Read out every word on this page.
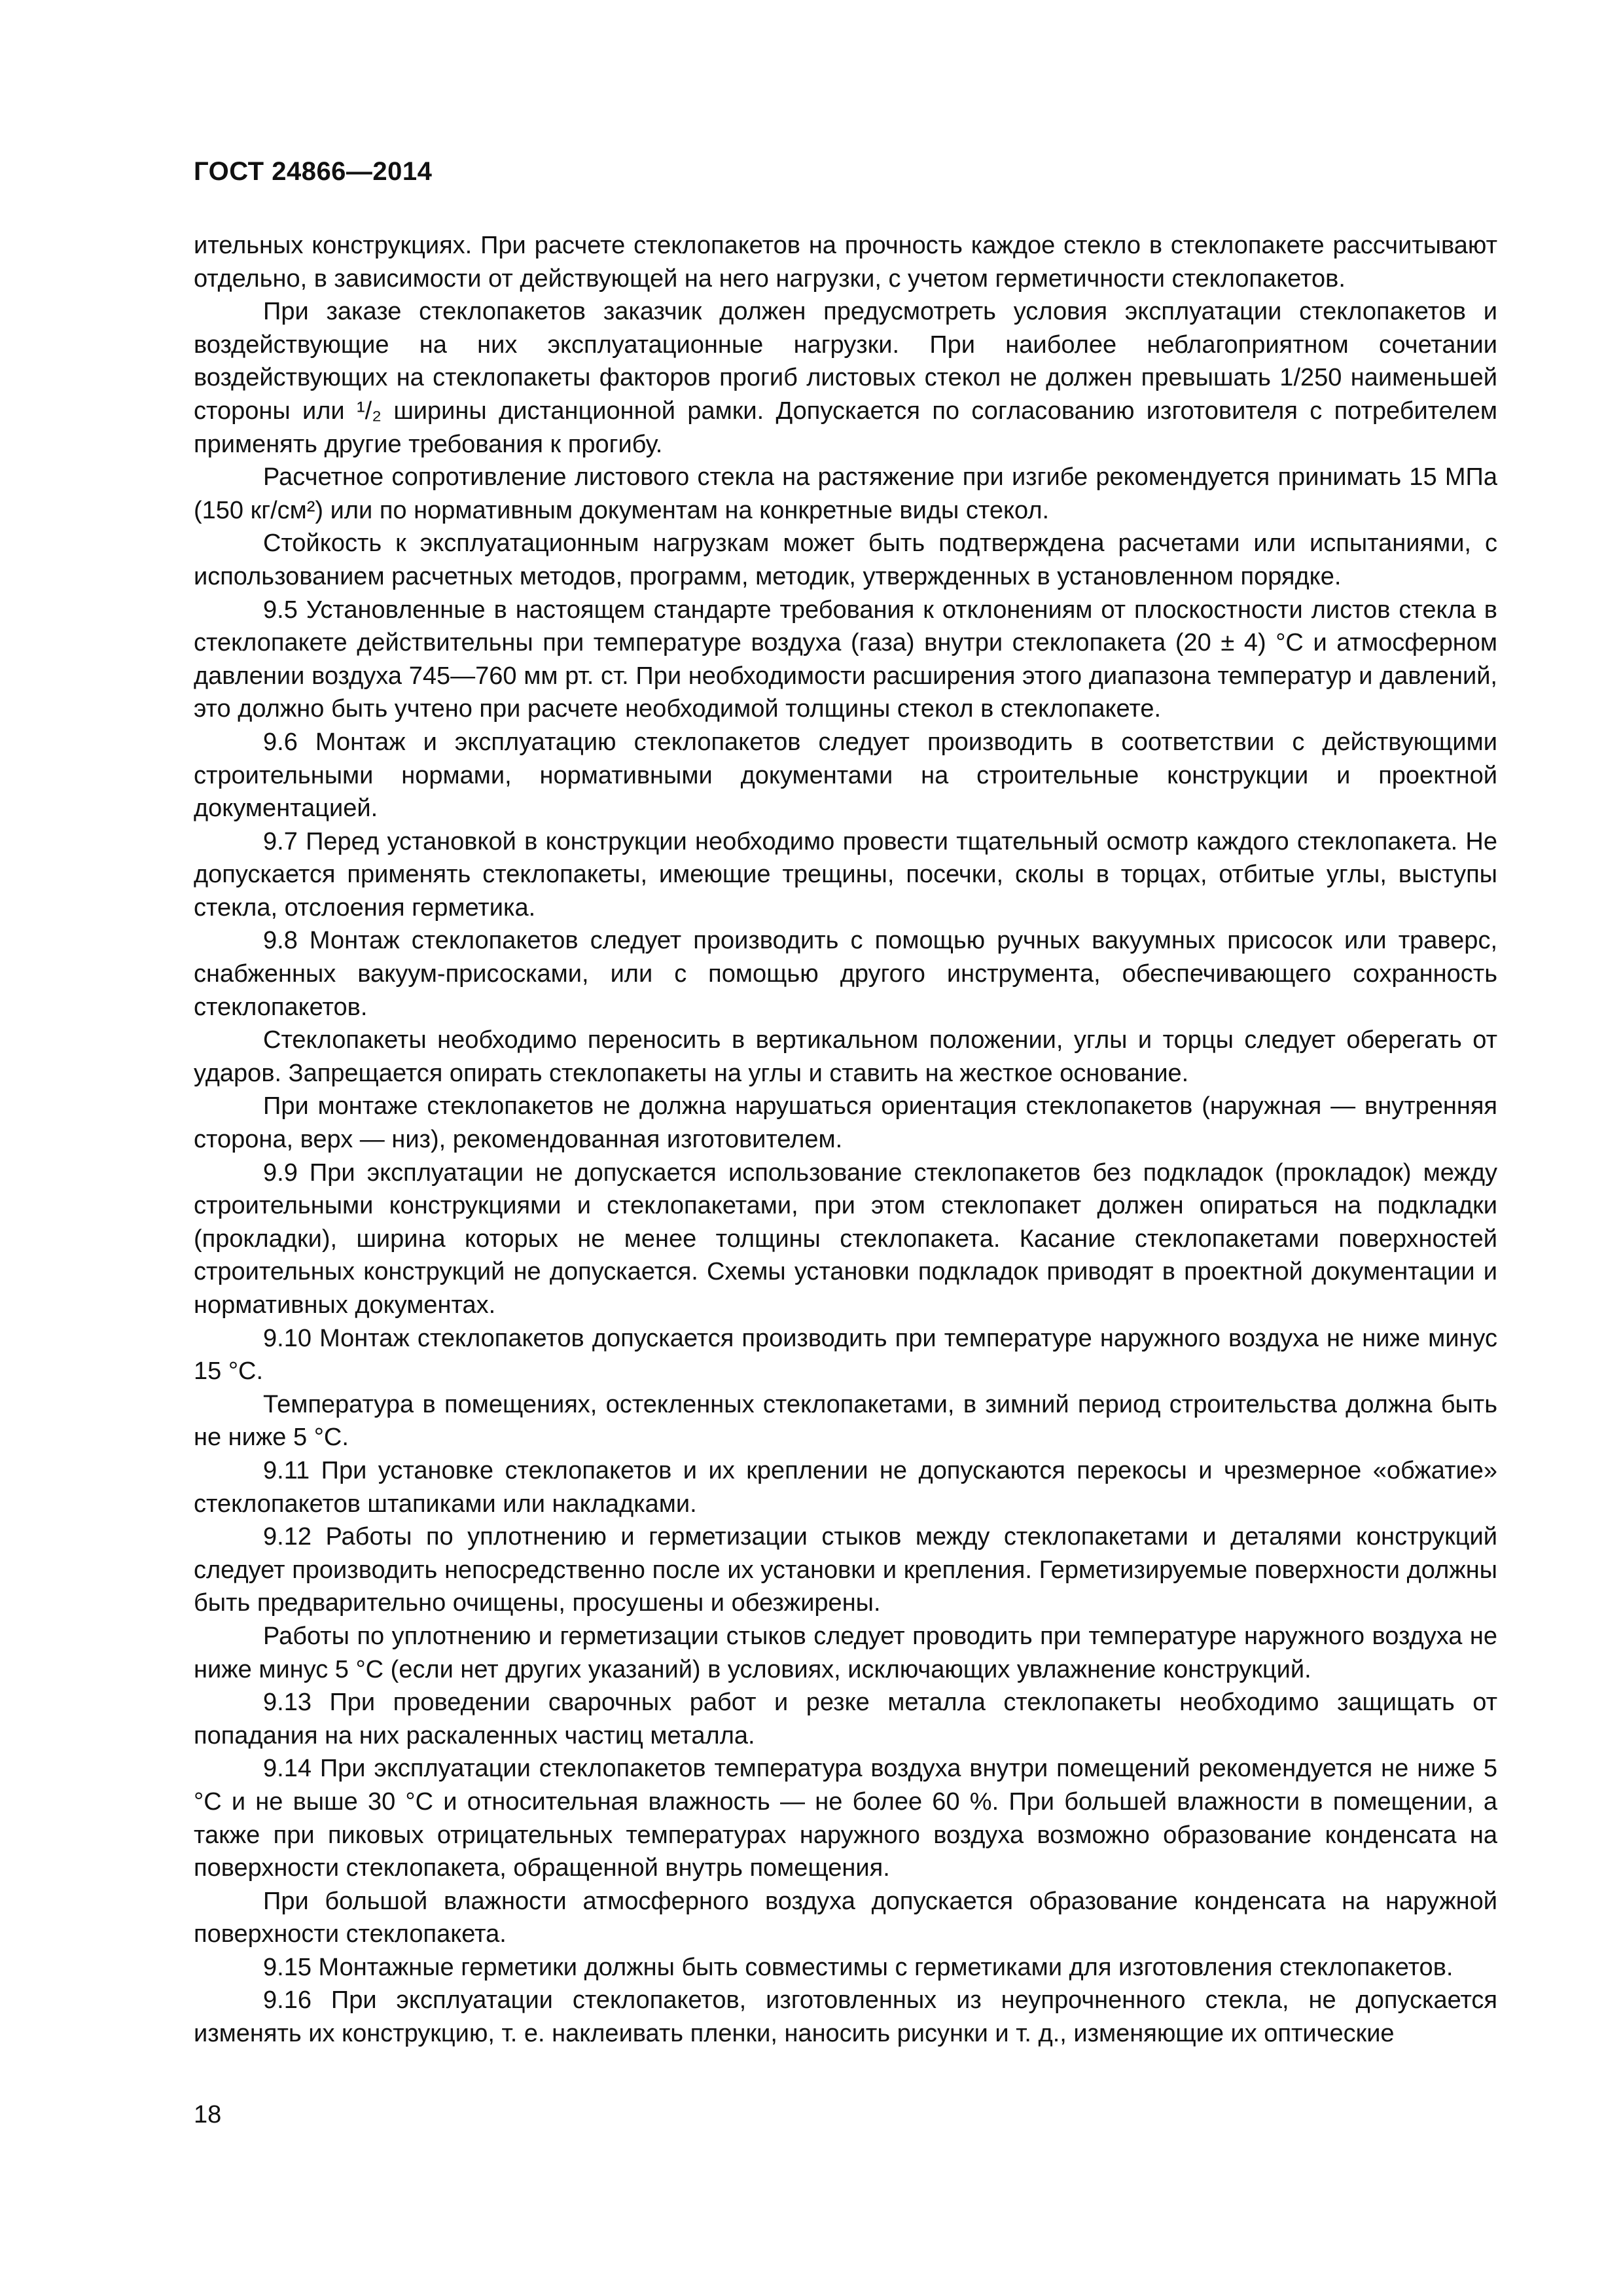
ГОСТ 24866—2014

ительных конструкциях. При расчете стеклопакетов на прочность каждое стекло в стеклопакете рассчитывают отдельно, в зависимости от действующей на него нагрузки, с учетом герметичности стеклопакетов.

При заказе стеклопакетов заказчик должен предусмотреть условия эксплуатации стеклопакетов и воздействующие на них эксплуатационные нагрузки. При наиболее неблагоприятном сочетании воздействующих на стеклопакеты факторов прогиб листовых стекол не должен превышать 1/250 наименьшей стороны или ¹/₂ ширины дистанционной рамки. Допускается по согласованию изготовителя с потребителем применять другие требования к прогибу.

Расчетное сопротивление листового стекла на растяжение при изгибе рекомендуется принимать 15 МПа (150 кг/см²) или по нормативным документам на конкретные виды стекол.

Стойкость к эксплуатационным нагрузкам может быть подтверждена расчетами или испытаниями, с использованием расчетных методов, программ, методик, утвержденных в установленном порядке.

9.5 Установленные в настоящем стандарте требования к отклонениям от плоскостности листов стекла в стеклопакете действительны при температуре воздуха (газа) внутри стеклопакета (20 ± 4) °С и атмосферном давлении воздуха 745—760 мм рт. ст. При необходимости расширения этого диапазона температур и давлений, это должно быть учтено при расчете необходимой толщины стекол в стеклопакете.

9.6 Монтаж и эксплуатацию стеклопакетов следует производить в соответствии с действующими строительными нормами, нормативными документами на строительные конструкции и проектной документацией.

9.7 Перед установкой в конструкции необходимо провести тщательный осмотр каждого стеклопакета. Не допускается применять стеклопакеты, имеющие трещины, посечки, сколы в торцах, отбитые углы, выступы стекла, отслоения герметика.

9.8 Монтаж стеклопакетов следует производить с помощью ручных вакуумных присосок или траверс, снабженных вакуум-присосками, или с помощью другого инструмента, обеспечивающего сохранность стеклопакетов.

Стеклопакеты необходимо переносить в вертикальном положении, углы и торцы следует оберегать от ударов. Запрещается опирать стеклопакеты на углы и ставить на жесткое основание.

При монтаже стеклопакетов не должна нарушаться ориентация стеклопакетов (наружная — внутренняя сторона, верх — низ), рекомендованная изготовителем.

9.9 При эксплуатации не допускается использование стеклопакетов без подкладок (прокладок) между строительными конструкциями и стеклопакетами, при этом стеклопакет должен опираться на подкладки (прокладки), ширина которых не менее толщины стеклопакета. Касание стеклопакетами поверхностей строительных конструкций не допускается. Схемы установки подкладок приводят в проектной документации и нормативных документах.

9.10 Монтаж стеклопакетов допускается производить при температуре наружного воздуха не ниже минус 15 °С.

Температура в помещениях, остекленных стеклопакетами, в зимний период строительства должна быть не ниже 5 °С.

9.11 При установке стеклопакетов и их креплении не допускаются перекосы и чрезмерное «обжатие» стеклопакетов штапиками или накладками.

9.12 Работы по уплотнению и герметизации стыков между стеклопакетами и деталями конструкций следует производить непосредственно после их установки и крепления. Герметизируемые поверхности должны быть предварительно очищены, просушены и обезжирены.

Работы по уплотнению и герметизации стыков следует проводить при температуре наружного воздуха не ниже минус 5 °С (если нет других указаний) в условиях, исключающих увлажнение конструкций.

9.13 При проведении сварочных работ и резке металла стеклопакеты необходимо защищать от попадания на них раскаленных частиц металла.

9.14 При эксплуатации стеклопакетов температура воздуха внутри помещений рекомендуется не ниже 5 °С и не выше 30 °С и относительная влажность — не более 60 %. При большей влажности в помещении, а также при пиковых отрицательных температурах наружного воздуха возможно образование конденсата на поверхности стеклопакета, обращенной внутрь помещения.

При большой влажности атмосферного воздуха допускается образование конденсата на наружной поверхности стеклопакета.

9.15 Монтажные герметики должны быть совместимы с герметиками для изготовления стеклопакетов.

9.16 При эксплуатации стеклопакетов, изготовленных из неупрочненного стекла, не допускается изменять их конструкцию, т. е. наклеивать пленки, наносить рисунки и т. д., изменяющие их оптические

18
